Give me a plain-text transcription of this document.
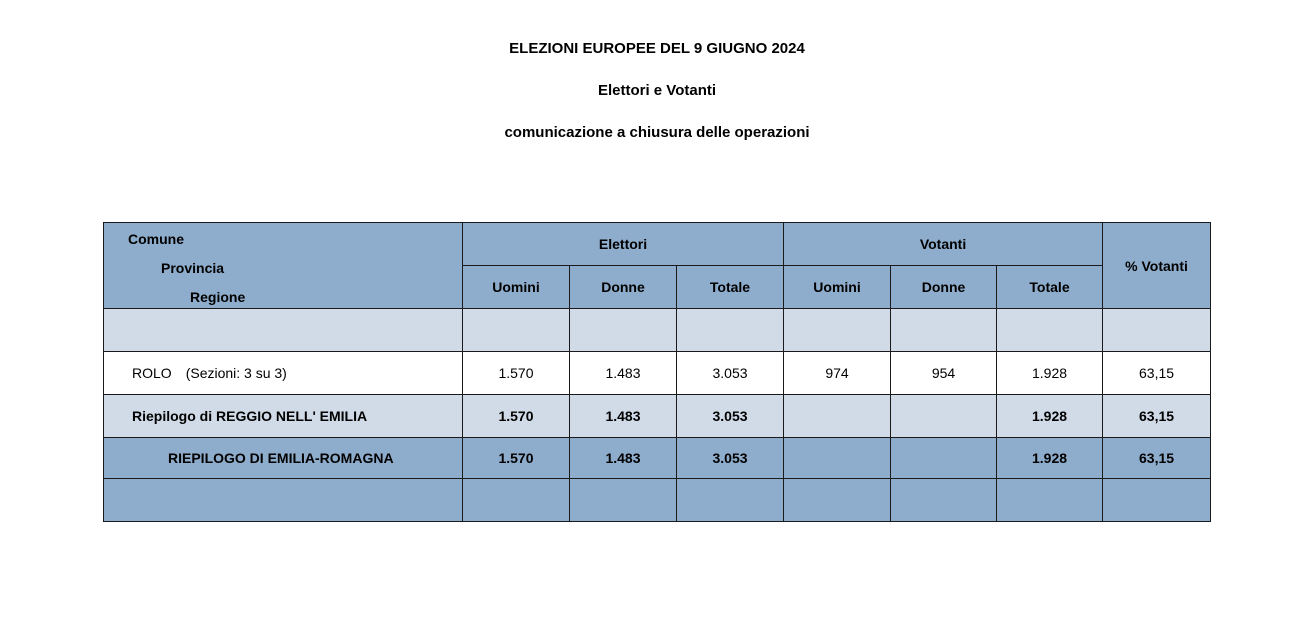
ELEZIONI EUROPEE DEL 9 GIUGNO 2024
Elettori e Votanti
comunicazione a chiusura delle operazioni
Comune
Provincia
Regione	Elettori			Votanti			% Votanti
	Uomini	Donne	Totale	Uomini	Donne	Totale	

ROLO (Sezioni: 3 su 3)	1.570	1.483	3.053	974	954	1.928	63,15
Riepilogo di REGGIO NELL' EMILIA	1.570	1.483	3.053			1.928	63,15
RIEPILOGO DI EMILIA-ROMAGNA	1.570	1.483	3.053			1.928	63,15
